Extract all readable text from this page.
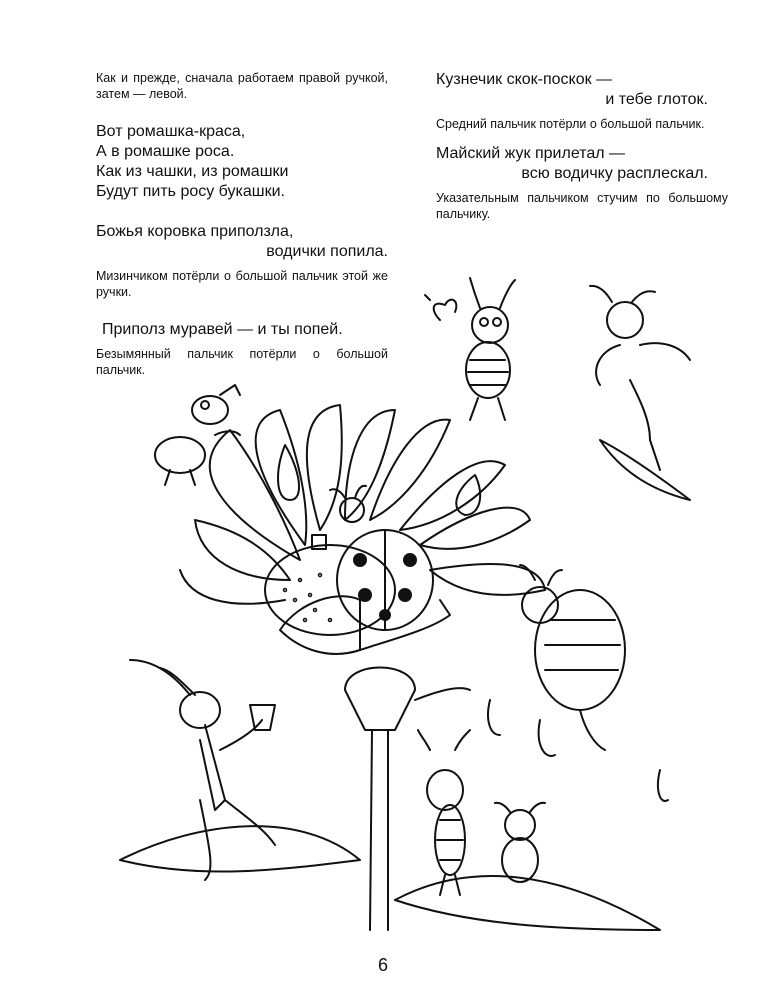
Как и прежде, сначала работаем правой ручкой, затем — левой.

Вот ромашка-краса,
А в ромашке роса.
Как из чашки, из ромашки
Будут пить росу букашки.

Божья коровка приползла,
водички попила.

Мизинчиком потёрли о большой пальчик этой же ручки.

Приполз муравей — и ты попей.

Безымянный пальчик потёрли о большой пальчик.

Кузнечик скок-поскок —
и тебе глоток.

Средний пальчик потёрли о большой пальчик.

Майский жук прилетал —
всю водичку расплескал.

Указательным пальчиком стучим по большому пальчику.

6
